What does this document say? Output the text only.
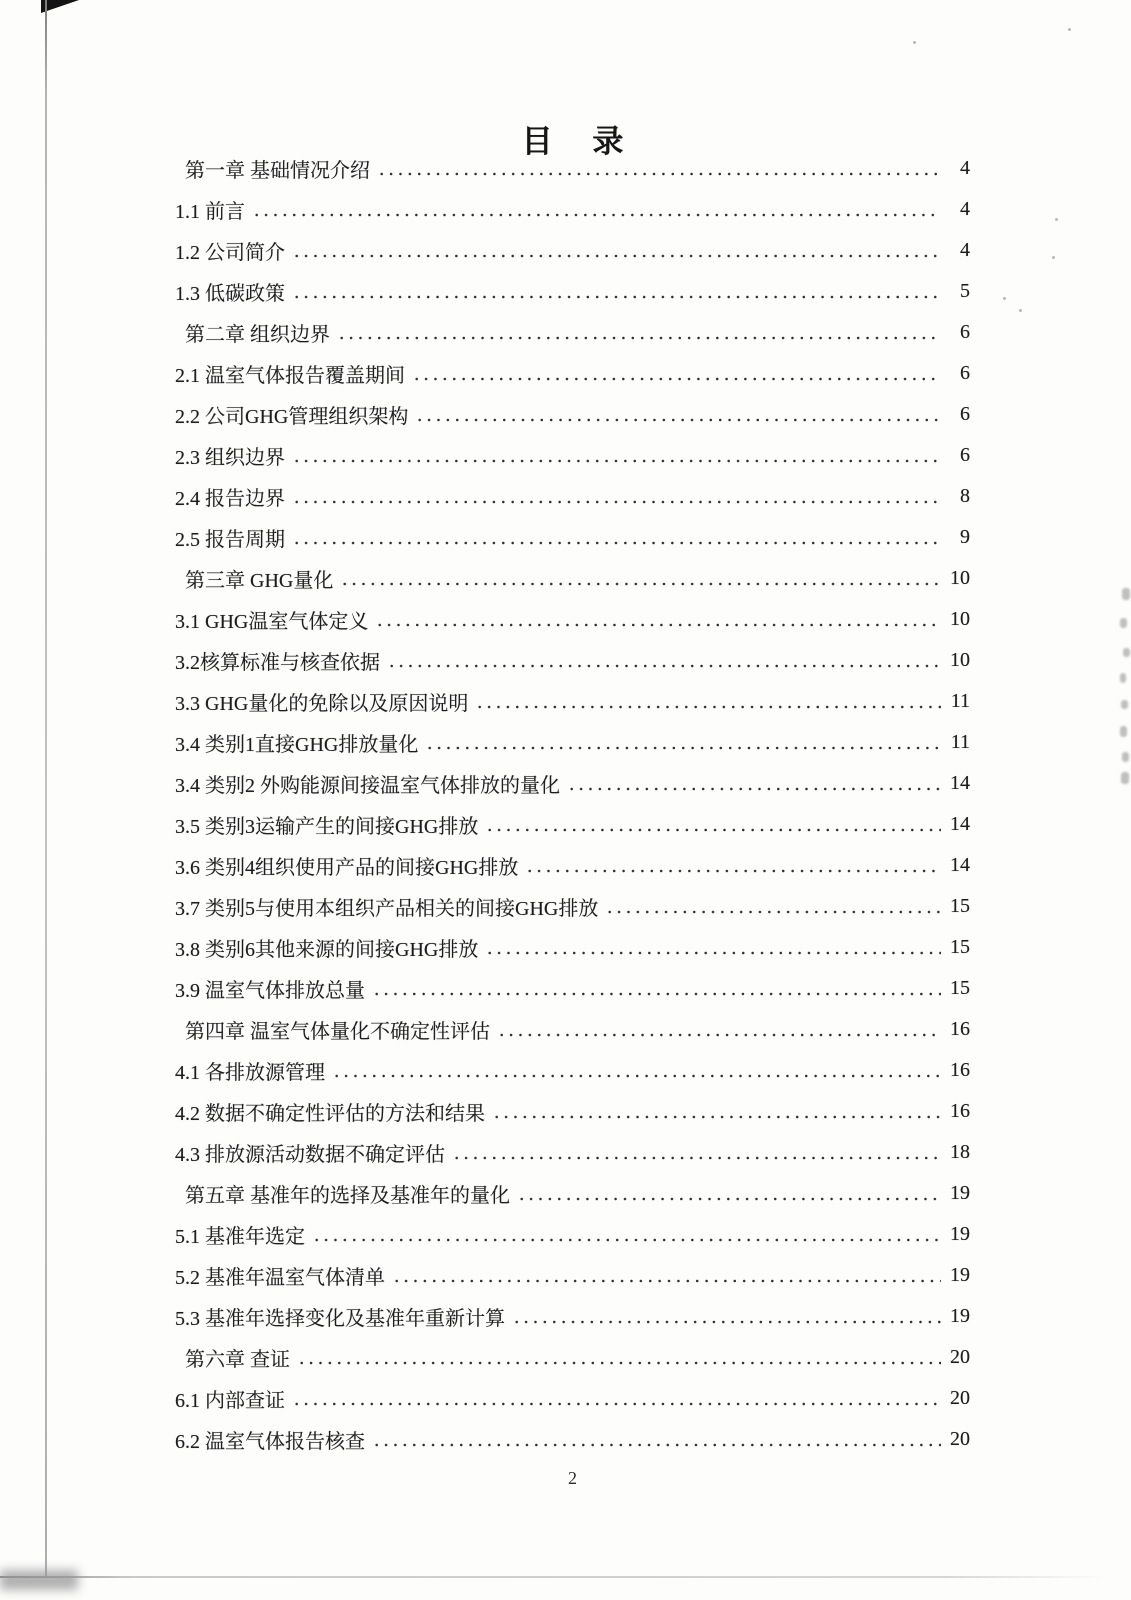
目 录
第一章 基础情况介绍	4
1.1 前言	4
1.2 公司简介	4
1.3 低碳政策	5
第二章 组织边界	6
2.1 温室气体报告覆盖期间	6
2.2 公司GHG管理组织架构	6
2.3 组织边界	6
2.4 报告边界	8
2.5 报告周期	9
第三章 GHG量化	10
3.1 GHG温室气体定义	10
3.2核算标准与核查依据	10
3.3 GHG量化的免除以及原因说明	11
3.4 类别1直接GHG排放量化	11
3.4 类别2 外购能源间接温室气体排放的量化	14
3.5 类别3运输产生的间接GHG排放	14
3.6 类别4组织使用产品的间接GHG排放	14
3.7 类别5与使用本组织产品相关的间接GHG排放	15
3.8 类别6其他来源的间接GHG排放	15
3.9 温室气体排放总量	15
第四章 温室气体量化不确定性评估	16
4.1 各排放源管理	16
4.2 数据不确定性评估的方法和结果	16
4.3 排放源活动数据不确定评估	18
第五章 基准年的选择及基准年的量化	19
5.1 基准年选定	19
5.2 基准年温室气体清单	19
5.3 基准年选择变化及基准年重新计算	19
第六章 查证	20
6.1 内部查证	20
6.2 温室气体报告核查	20
2
